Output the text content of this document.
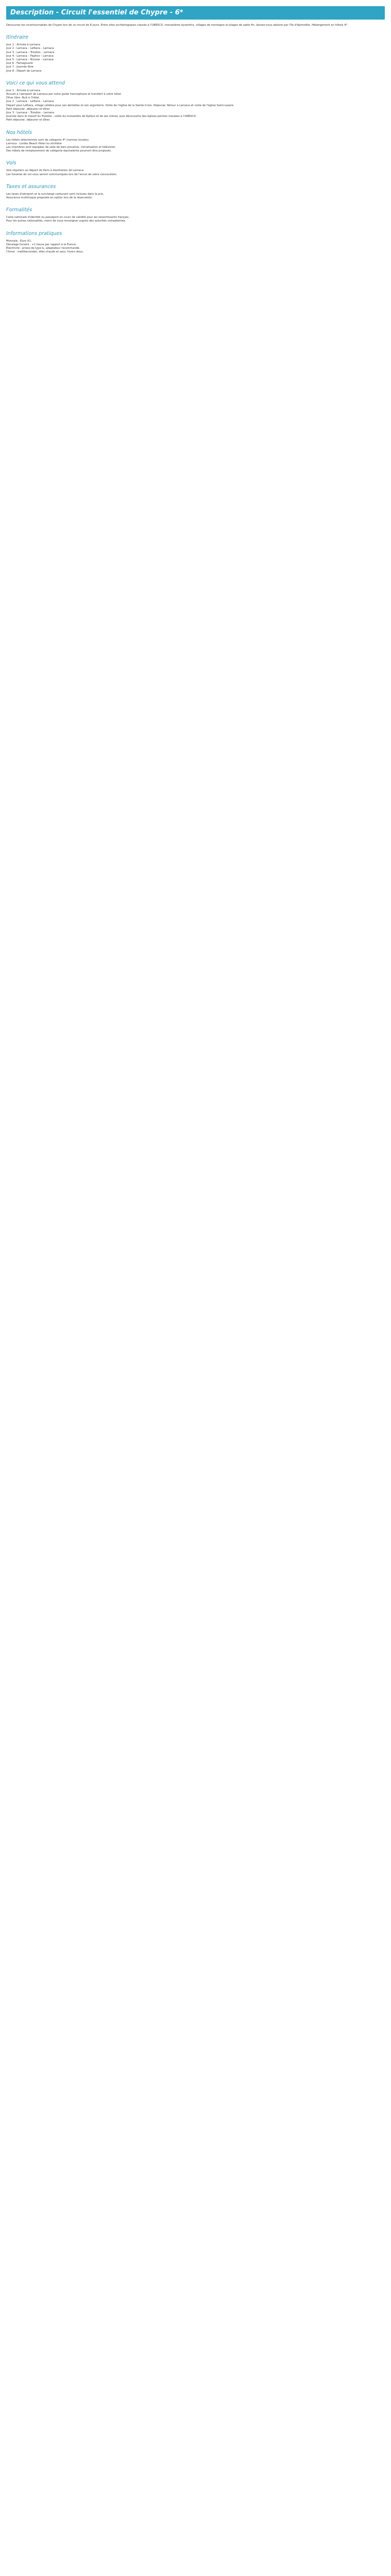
Description - Circuit l'essentiel de Chypre - 6*

Découvrez les incontournables de Chypre lors de ce circuit de 8 jours. Entre sites archéologiques classés à l'UNESCO, monastères byzantins, villages de montagne et plages de sable fin, laissez-vous séduire par l'île d'Aphrodite. Hébergement en hôtels 4*.

Itinéraire
Jour 1 : Arrivée à Larnaca
Jour 2 : Larnaca – Lefkara – Larnaca
Jour 3 : Larnaca – Troodos – Larnaca
Jour 4 : Larnaca – Paphos – Larnaca
Jour 5 : Larnaca – Nicosie – Larnaca
Jour 6 : Famagouste
Jour 7 : Journée libre
Jour 8 : Départ de Larnaca
Voici ce qui vous attend
Jour 1 : Arrivée à Larnaca
Accueil à l'aéroport de Larnaca par votre guide francophone et transfert à votre hôtel.
Dîner libre. Nuit à l'hôtel.
Jour 2 : Larnaca – Lefkara – Larnaca
Départ pour Lefkara, village célèbre pour ses dentelles et son argenterie. Visite de l'église de la Sainte-Croix. Déjeuner. Retour à Larnaca et visite de l'église Saint-Lazare.
Petit déjeuner, déjeuner et dîner.
Jour 3 : Larnaca – Troodos – Larnaca
Journée dans le massif du Troodos : visite du monastère de Kykkos et de ses icônes, puis découverte des églises peintes classées à l'UNESCO.
Petit déjeuner, déjeuner et dîner.
Nos hôtels
Les hôtels sélectionnés sont de catégorie 4* (normes locales).
Larnaca : Lordos Beach Hotel ou similaire
Les chambres sont équipées de salle de bain privative, climatisation et télévision.
Des hôtels de remplacement de catégorie équivalente pourront être proposés.
Vols
Vols réguliers au départ de Paris à destination de Larnaca.
Les horaires de vol vous seront communiqués lors de l'envoi de votre convocation.
Taxes et assurances
Les taxes d'aéroport et la surcharge carburant sont incluses dans le prix.
Assurance multirisque proposée en option lors de la réservation.
Formalités
Carte nationale d'identité ou passeport en cours de validité pour les ressortissants français.
Pour les autres nationalités, merci de vous renseigner auprès des autorités compétentes.
Informations pratiques
Monnaie : Euro (€).
Décalage horaire : +1 heure par rapport à la France.
Électricité : prises de type G, adaptateur recommandé.
Climat : méditerranéen, étés chauds et secs, hivers doux.
